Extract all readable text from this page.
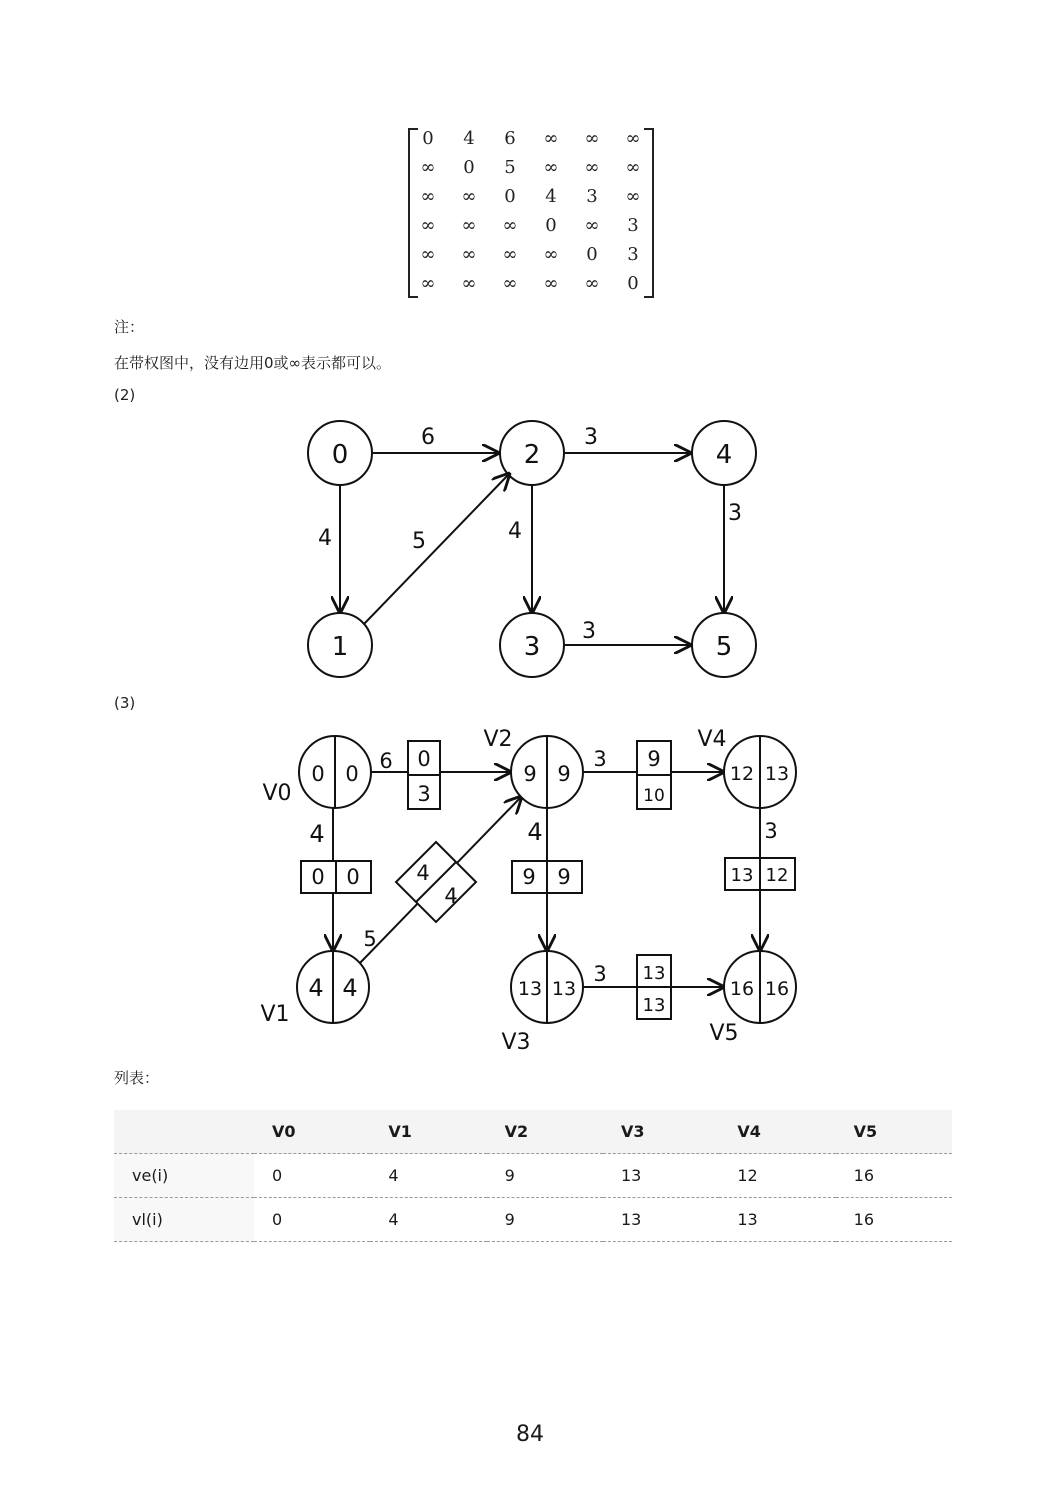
0	4	6	∞	∞	∞
∞	0	5	∞	∞	∞
∞	∞	0	4	3	∞
∞	∞	∞	0	∞	3
∞	∞	∞	∞	0	3
∞	∞	∞	∞	∞	0
注：
在带权图中，没有边用0或∞表示都可以。
(2)
0	2	4
1	3	5
6
4	5
3
4
3
3
0 0	9 9	12 13
4 4	13 13	16 16
0
3
9
10
13
13
0 0	9 9	13 12
4
4
6
4
5
3
4	3
3
V0
V1
V2
V3
V4
V5
(3)
列表：
	V0	V1	V2	V3	V4	V5
ve(i)	0	4	9	13	12	16
vl(i)	0	4	9	13	13	16
84
